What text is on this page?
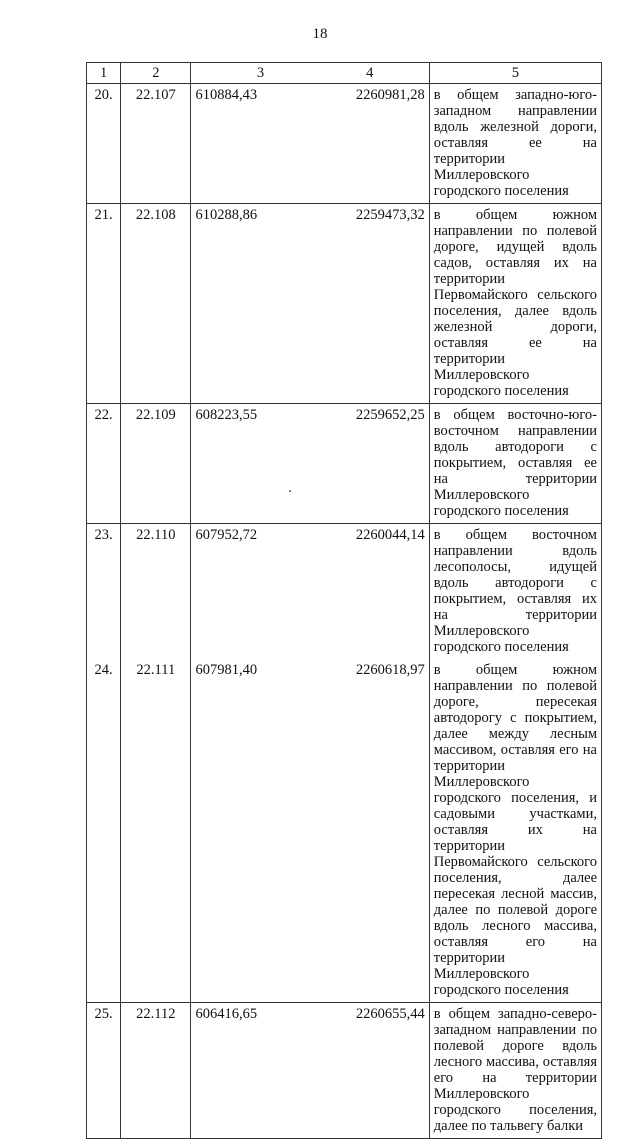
18
1	2	3 4	5
20.	22.107	610884,43 2260981,28	в общем западно-юго-западном направлении вдоль железной дороги, оставляя ее на территории Миллеровского городского поселения
21.	22.108	610288,86 2259473,32	в общем южном направлении по полевой дороге, идущей вдоль садов, оставляя их на территории Первомайского сельского поселения, далее вдоль железной дороги, оставляя ее на территории Миллеровского городского поселения
22.	22.109	608223,55 2259652,25	в общем восточно-юго-восточном направлении вдоль автодороги с покрытием, оставляя ее на территории Миллеровского городского поселения
23.	22.110	607952,72 2260044,14	в общем восточном направлении вдоль лесополосы, идущей вдоль автодороги с покрытием, оставляя их на территории Миллеровского городского поселения
24.	22.111	607981,40 2260618,97	в общем южном направлении по полевой дороге, пересекая автодорогу с покрытием, далее между лесным массивом, оставляя его на территории Миллеровского городского поселения, и садовыми участками, оставляя их на территории Первомайского сельского поселения, далее пересекая лесной массив, далее по полевой дороге вдоль лесного массива, оставляя его на территории Миллеровского городского поселения
25.	22.112	606416,65 2260655,44	в общем западно-северо-западном направлении по полевой дороге вдоль лесного массива, оставляя его на территории Миллеровского городского поселения, далее по тальвегу балки
